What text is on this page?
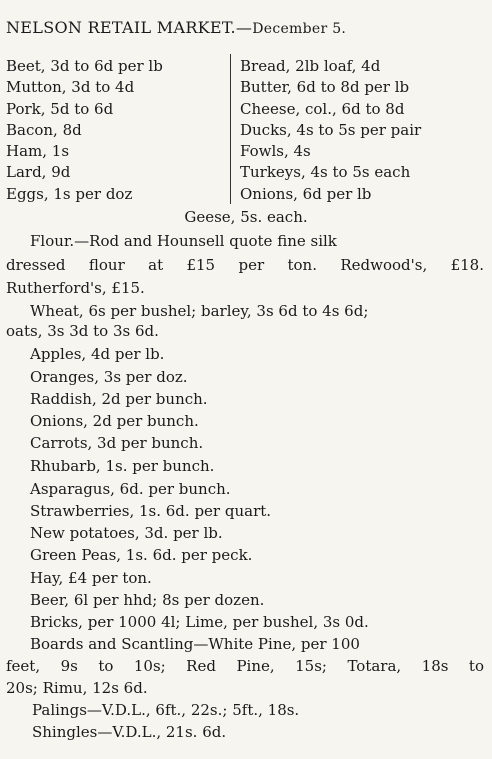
NELSON RETAIL MARKET.—December 5.
Beet, 3d to 6d per lb
Mutton, 3d to 4d
Pork, 5d to 6d
Bacon, 8d
Ham, 1s
Lard, 9d
Eggs, 1s per doz
Bread, 2lb loaf, 4d
Butter, 6d to 8d per lb
Cheese, col., 6d to 8d
Ducks, 4s to 5s per pair
Fowls, 4s
Turkeys, 4s to 5s each
Onions, 6d per lb
Geese, 5s. each.
Flour.—Rod and Hounsell quote fine silk
dressed flour at £15 per ton. Redwood's, £18.
Rutherford's, £15.
Wheat, 6s per bushel; barley, 3s 6d to 4s 6d;
oats, 3s 3d to 3s 6d.
Apples, 4d per lb.
Oranges, 3s per doz.
Raddish, 2d per bunch.
Onions, 2d per bunch.
Carrots, 3d per bunch.
Rhubarb, 1s. per bunch.
Asparagus, 6d. per bunch.
Strawberries, 1s. 6d. per quart.
New potatoes, 3d. per lb.
Green Peas, 1s. 6d. per peck.
Hay, £4 per ton.
Beer, 6l per hhd; 8s per dozen.
Bricks, per 1000 4l; Lime, per bushel, 3s 0d.
Boards and Scantling—White Pine, per 100
feet, 9s to 10s; Red Pine, 15s; Totara, 18s to
20s; Rimu, 12s 6d.
Palings—V.D.L., 6ft., 22s.; 5ft., 18s.
Shingles—V.D.L., 21s. 6d.
